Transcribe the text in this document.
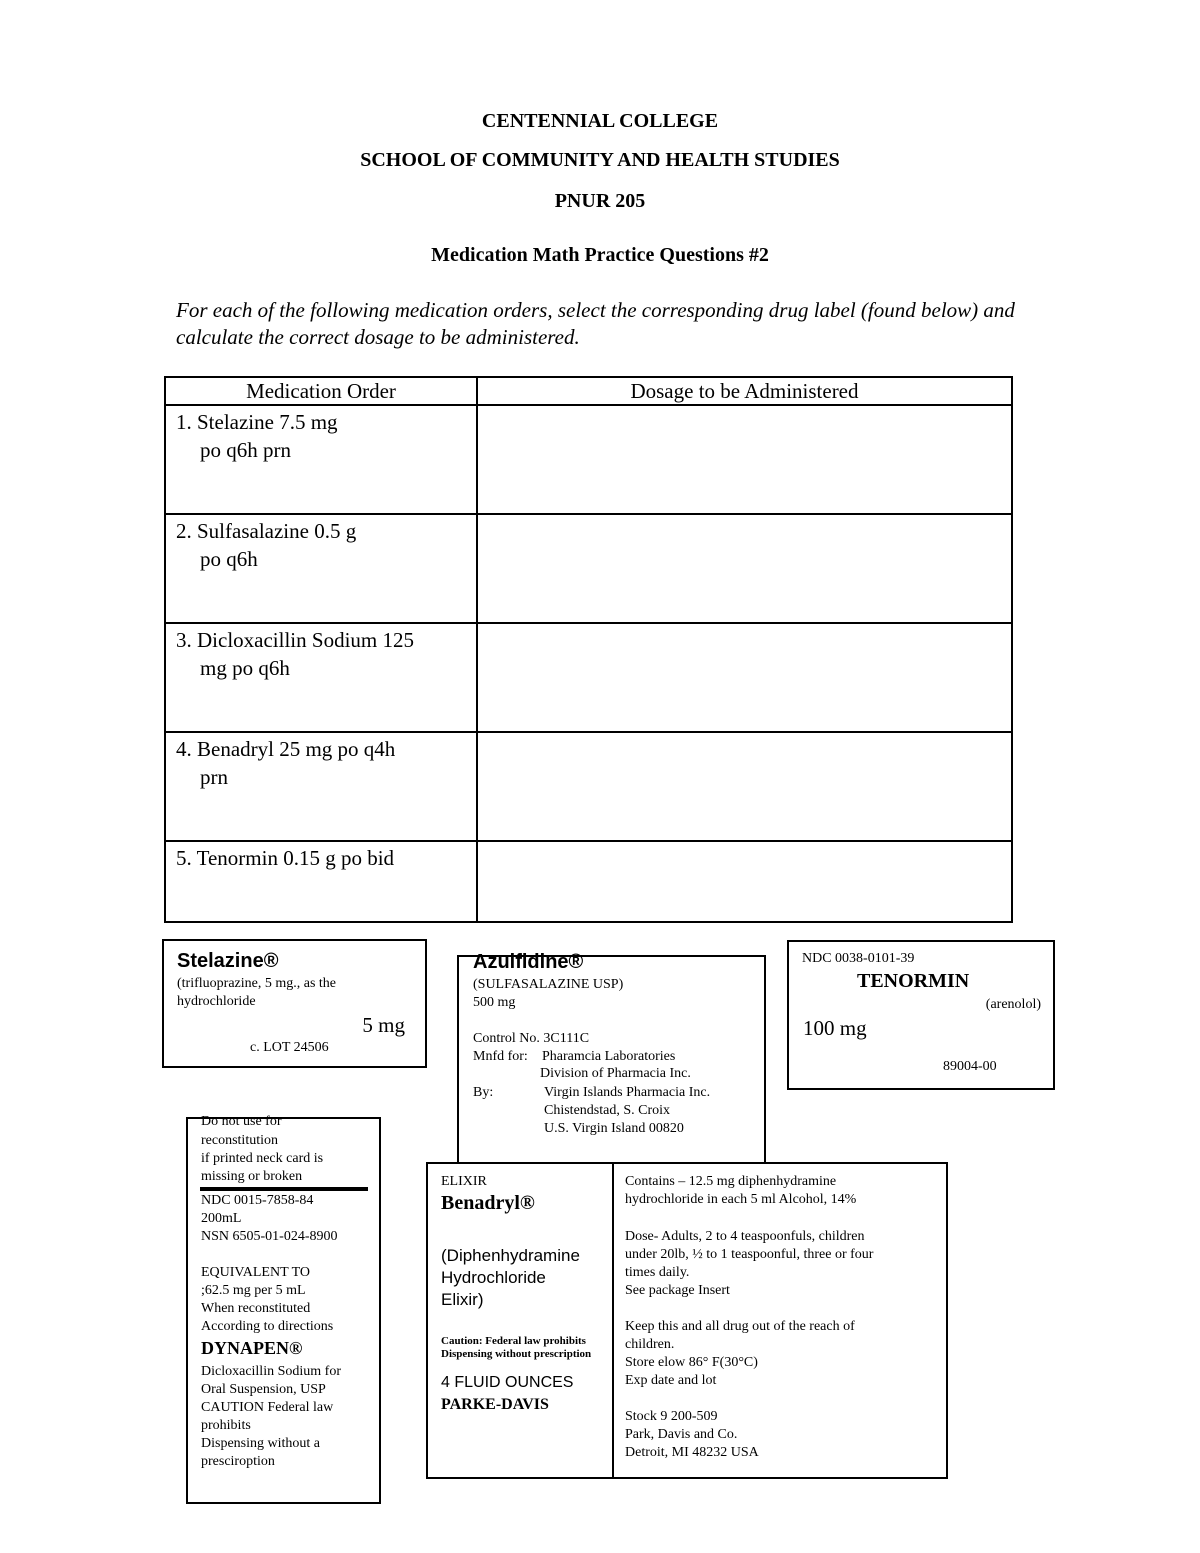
CENTENNIAL COLLEGE
SCHOOL OF COMMUNITY AND HEALTH STUDIES
PNUR 205
Medication Math Practice Questions #2
For each of the following medication orders, select the corresponding drug label (found below) and calculate the correct dosage to be administered.
Medication Order	Dosage to be Administered

1. Stelazine 7.5 mg
po q6h prn	

2. Sulfasalazine 0.5 g
po q6h	

3. Dicloxacillin Sodium 125
mg po q6h	

4. Benadryl 25 mg po q4h
prn	

5. Tenormin 0.15 g po bid	

Stelazine®
(trifluoprazine, 5 mg., as the hydrochloride
5 mg
c. LOT 24506
Azulfidine®
(SULFASALAZINE USP)
500 mg
Control No. 3C111C
Mnfd for: Pharamcia Laboratories
Division of Pharmacia Inc.
By:	Virgin Islands Pharmacia Inc.
Chistendstad, S. Croix
U.S. Virgin Island 00820
NDC 0038-0101-39
TENORMIN
(arenolol)
100 mg
89004-00
Do not use for
reconstitution
if printed neck card is
missing or broken
NDC 0015-7858-84
200mL
NSN 6505-01-024-8900
EQUIVALENT TO
;62.5 mg per 5 mL
When reconstituted
According to directions
DYNAPEN®
Dicloxacillin Sodium for
Oral Suspension, USP
CAUTION Federal law
prohibits
Dispensing without a
presciroption
ELIXIR
Benadryl®
(Diphenhydramine
Hydrochloride
Elixir)
Caution: Federal law prohibits
Dispensing without prescription
4 FLUID OUNCES
PARKE-DAVIS
Contains – 12.5 mg diphenhydramine
hydrochloride in each 5 ml Alcohol, 14%
Dose- Adults, 2 to 4 teaspoonfuls, children
under 20lb, ½ to 1 teaspoonful, three or four
times daily.
See package Insert
Keep this and all drug out of the reach of
children.
Store elow 86° F(30°C)
Exp date and lot
Stock 9 200-509
Park, Davis and Co.
Detroit, MI 48232 USA
